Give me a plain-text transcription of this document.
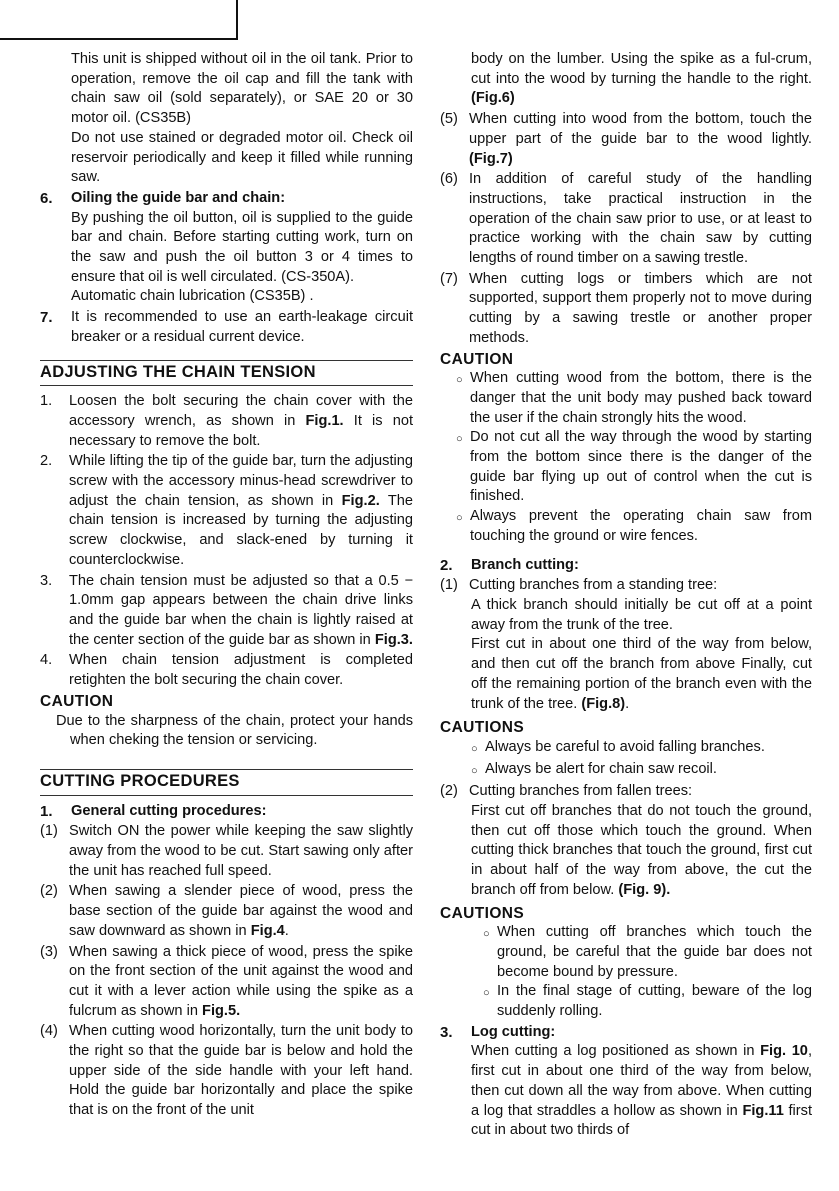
This unit is shipped without oil in the oil tank. Prior to operation, remove the oil cap and fill the tank with chain saw oil (sold separately), or SAE 20 or 30 motor oil. (CS35B)
Do not use stained or degraded motor oil. Check oil reservoir periodically and keep it filled while running saw.
6.	Oiling the guide bar and chain:
By pushing the oil button, oil is supplied to the guide bar and chain. Before starting cutting work, turn on the saw and push the oil button 3 or 4 times to ensure that oil is well circulated. (CS-350A).
Automatic chain lubrication (CS35B) .
7.	It is recommended to use an earth-leakage circuit breaker or a residual current device.
ADJUSTING THE CHAIN TENSION
1.	Loosen the bolt securing the chain cover with the accessory wrench, as shown in Fig.1. It is not necessary to remove the bolt.
2.	While lifting the tip of the guide bar, turn the adjusting screw with the accessory minus-head screwdriver to adjust the chain tension, as shown in Fig.2. The chain tension is increased by turning the adjusting screw clockwise, and slack-ened by turning it counterclockwise.
3.	The chain tension must be adjusted so that a 0.5 − 1.0mm gap appears between the chain drive links and the guide bar when the chain is lightly raised at the center section of the guide bar as shown in Fig.3.
4.	When chain tension adjustment is completed retighten the bolt securing the chain cover.
CAUTION
Due to the sharpness of the chain, protect your hands when cheking the tension or servicing.
CUTTING PROCEDURES
1.	General cutting procedures:
(1) Switch ON the power while keeping the saw slightly away from the wood to be cut. Start sawing only after the unit has reached full speed.
(2) When sawing a slender piece of wood, press the base section of the guide bar against the wood and saw downward as shown in Fig.4.
(3) When sawing a thick piece of wood, press the spike on the front section of the unit against the wood and cut it with a lever action while using the spike as a fulcrum as shown in Fig.5.
(4) When cutting wood horizontally, turn the unit body to the right so that the guide bar is below and hold the upper side of the side handle with your left hand. Hold the guide bar horizontally and place the spike that is on the front of the unit
body on the lumber. Using the spike as a ful-crum, cut into the wood by turning the handle to the right. (Fig.6)
(5) When cutting into wood from the bottom, touch the upper part of the guide bar to the wood lightly. (Fig.7)
(6) In addition of careful study of the handling instructions, take practical instruction in the operation of the chain saw prior to use, or at least to practice working with the chain saw by cutting lengths of round timber on a sawing trestle.
(7) When cutting logs or timbers which are not supported, support them properly not to move during cutting by a sawing trestle or another proper methods.
CAUTION
○ When cutting wood from the bottom, there is the danger that the unit body may pushed back toward the user if the chain strongly hits the wood.
○ Do not cut all the way through the wood by starting from the bottom since there is the danger of the guide bar flying up out of control when the cut is finished.
○ Always prevent the operating chain saw from touching the ground or wire fences.
2.	Branch cutting:
(1) Cutting branches from a standing tree:
A thick branch should initially be cut off at a point away from the trunk of the tree.
First cut in about one third of the way from below, and then cut off the branch from above Finally, cut off the remaining portion of the branch even with the trunk of the tree. (Fig.8).
CAUTIONS
○ Always be careful to avoid falling branches.
○ Always be alert for chain saw recoil.
(2) Cutting branches from fallen trees:
First cut off branches that do not touch the ground, then cut off those which touch the ground. When cutting thick branches that touch the ground, first cut in about half of the way from above, the cut the branch off from below. (Fig. 9).
CAUTIONS
○ When cutting off branches which touch the ground, be careful that the guide bar does not become bound by pressure.
○ In the final stage of cutting, beware of the log suddenly rolling.
3.	Log cutting:
When cutting a log positioned as shown in Fig. 10, first cut in about one third of the way from below, then cut down all the way from above. When cutting a log that straddles a hollow as shown in Fig.11 first cut in about two thirds of
